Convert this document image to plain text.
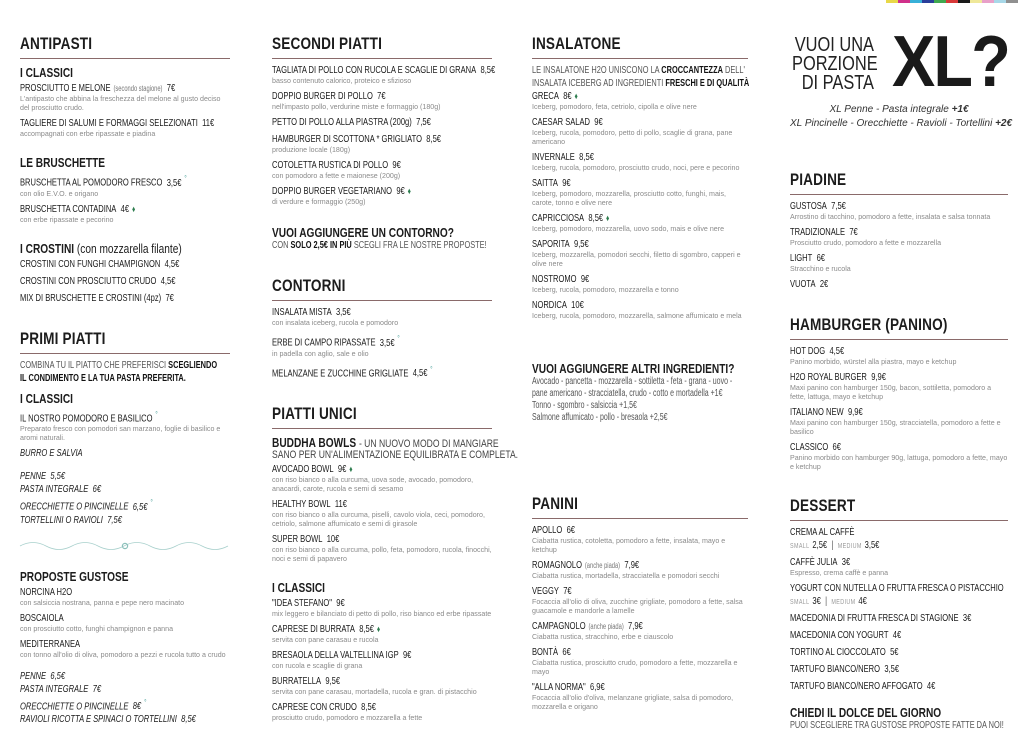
ANTIPASTI
I CLASSICI
PROSCIUTTO E MELONE (secondo stagione) 7€
L'antipasto che abbina la freschezza del melone al gusto deciso del prosciutto crudo.
TAGLIERE DI SALUMI E FORMAGGI SELEZIONATI 11€
accompagnati con erbe ripassate e piadina
LE BRUSCHETTE
BRUSCHETTA AL POMODORO FRESCO 3,5€ °
con olio E.V.O. e origano
BRUSCHETTA CONTADINA 4€ ♦
con erbe ripassate e pecorino
I CROSTINI (con mozzarella filante)
CROSTINI CON FUNGHI CHAMPIGNON 4,5€
CROSTINI CON PROSCIUTTO CRUDO 4,5€
MIX DI BRUSCHETTE E CROSTINI (4pz) 7€
PRIMI PIATTI
COMBINA TU IL PIATTO CHE PREFERISCI SCEGLIENDO
IL CONDIMENTO E LA TUA PASTA PREFERITA.
I CLASSICI
IL NOSTRO POMODORO E BASILICO °
Preparato fresco con pomodori san marzano, foglie di basilico e aromi naturali.
BURRO E SALVIA
PENNE 5,5€
PASTA INTEGRALE 6€
ORECCHIETTE O PINCINELLE 6,5€ °
TORTELLINI O RAVIOLI 7,5€
PROPOSTE GUSTOSE
NORCINA H2O
con salsiccia nostrana, panna e pepe nero macinato
BOSCAIOLA
con prosciutto cotto, funghi champignon e panna
MEDITERRANEA
con tonno all'olio di oliva, pomodoro a pezzi e rucola tutto a crudo
PENNE 6,5€
PASTA INTEGRALE 7€
ORECCHIETTE O PINCINELLE 8€ °
RAVIOLI RICOTTA E SPINACI O TORTELLINI 8,5€
SECONDI PIATTI
TAGLIATA DI POLLO CON RUCOLA E SCAGLIE DI GRANA 8,5€
basso contenuto calorico, proteico e sfizioso
DOPPIO BURGER DI POLLO 7€
nell'impasto pollo, verdurine miste e formaggio (180g)
PETTO DI POLLO ALLA PIASTRA (200g) 7,5€
HAMBURGER DI SCOTTONA * GRIGLIATO 8,5€
produzione locale (180g)
COTOLETTA RUSTICA DI POLLO 9€
con pomodoro a fette e maionese (200g)
DOPPIO BURGER VEGETARIANO 9€ ♦
di verdure e formaggio (250g)
VUOI AGGIUNGERE UN CONTORNO?
CON SOLO 2,5€ IN PIÙ SCEGLI FRA LE NOSTRE PROPOSTE!
CONTORNI
INSALATA MISTA 3,5€
con insalata iceberg, rucola e pomodoro
ERBE DI CAMPO RIPASSATE 3,5€ °
in padella con aglio, sale e olio
MELANZANE E ZUCCHINE GRIGLIATE 4,5€ °
PIATTI UNICI
BUDDHA BOWLS - UN NUOVO MODO DI MANGIARE
SANO PER UN'ALIMENTAZIONE EQUILIBRATA E COMPLETA.
AVOCADO BOWL 9€ ♦
con riso bianco o alla curcuma, uova sode, avocado, pomodoro, anacardi, carote, rucola e semi di sesamo
HEALTHY BOWL 11€
con riso bianco o alla curcuma, piselli, cavolo viola, ceci, pomodoro, cetriolo, salmone affumicato e semi di girasole
SUPER BOWL 10€
con riso bianco o alla curcuma, pollo, feta, pomodoro, rucola, finocchi, noci e semi di papavero
I CLASSICI
"IDEA STEFANO" 9€
mix leggero e bilanciato di petto di pollo, riso bianco ed erbe ripassate
CAPRESE DI BURRATA 8,5€ ♦
servita con pane carasau e rucola
BRESAOLA DELLA VALTELLINA IGP 9€
con rucola e scaglie di grana
BURRATELLA 9,5€
servita con pane carasau, mortadella, rucola e gran. di pistacchio
CAPRESE CON CRUDO 8,5€
prosciutto crudo, pomodoro e mozzarella a fette
INSALATONE
LE INSALATONE H2O UNISCONO LA CROCCANTEZZA DELL'
INSALATA ICEBERG AD INGREDIENTI FRESCHI E DI QUALITÀ
GRECA 8€ ♦
Iceberg, pomodoro, feta, cetriolo, cipolla e olive nere
CAESAR SALAD 9€
Iceberg, rucola, pomodoro, petto di pollo, scaglie di grana, pane americano
INVERNALE 8,5€
Iceberg, rucola, pomodoro, prosciutto crudo, noci, pere e pecorino
SAITTA 9€
Iceberg, pomodoro, mozzarella, prosciutto cotto, funghi, mais, carote, tonno e olive nere
CAPRICCIOSA 8,5€ ♦
Iceberg, pomodoro, mozzarella, uovo sodo, mais e olive nere
SAPORITA 9,5€
Iceberg, mozzarella, pomodori secchi, filetto di sgombro, capperi e olive nere
NOSTROMO 9€
Iceberg, rucola, pomodoro, mozzarella e tonno
NORDICA 10€
Iceberg, rucola, pomodoro, mozzarella, salmone affumicato e mela
VUOI AGGIUNGERE ALTRI INGREDIENTI?
Avocado - pancetta - mozzarella - sottiletta - feta - grana - uovo -
pane americano - stracciatella, crudo - cotto e mortadella +1€
Tonno - sgombro - salsiccia +1,5€
Salmone affumicato - pollo - bresaola +2,5€
PANINI
APOLLO 6€
Ciabatta rustica, cotoletta, pomodoro a fette, insalata, mayo e ketchup
ROMAGNOLO (anche piada) 7,9€
Ciabatta rustica, mortadella, stracciatella e pomodori secchi
VEGGY 7€
Focaccia all'olio di oliva, zucchine grigliate, pomodoro a fette, salsa guacamole e mandorle a lamelle
CAMPAGNOLO (anche piada) 7,9€
Ciabatta rustica, stracchino, erbe e ciauscolo
BONTÀ 6€
Ciabatta rustica, prosciutto crudo, pomodoro a fette, mozzarella e mayo
"ALLA NORMA" 6,9€
Focaccia all'olio d'oliva, melanzane grigliate, salsa di pomodoro, mozzarella e origano
VUOI UNA
PORZIONE
DI PASTA XL?
XL Penne - Pasta integrale +1€
XL Pincinelle - Orecchiette - Ravioli - Tortellini +2€
PIADINE
GUSTOSA 7,5€
Arrostino di tacchino, pomodoro a fette, insalata e salsa tonnata
TRADIZIONALE 7€
Prosciutto crudo, pomodoro a fette e mozzarella
LIGHT 6€
Stracchino e rucola
VUOTA 2€
HAMBURGER (PANINO)
HOT DOG 4,5€
Panino morbido, würstel alla piastra, mayo e ketchup
H2O ROYAL BURGER 9,9€
Maxi panino con hamburger 150g, bacon, sottiletta, pomodoro a fette, lattuga, mayo e ketchup
ITALIANO NEW 9,9€
Maxi panino con hamburger 150g, stracciatella, pomodoro a fette e basilico
CLASSICO 6€
Panino morbido con hamburger 90g, lattuga, pomodoro a fette, mayo e ketchup
DESSERT
CREMA AL CAFFÈ
SMALL 2,5€ | MEDIUM 3,5€
CAFFÈ JULIA 3€
Espresso, crema caffè e panna
YOGURT CON NUTELLA O FRUTTA FRESCA O PISTACCHIO
SMALL 3€ | MEDIUM 4€
MACEDONIA DI FRUTTA FRESCA DI STAGIONE 3€
MACEDONIA CON YOGURT 4€
TORTINO AL CIOCCOLATO 5€
TARTUFO BIANCO/NERO 3,5€
TARTUFO BIANCO/NERO AFFOGATO 4€
CHIEDI IL DOLCE DEL GIORNO
PUOI SCEGLIERE TRA GUSTOSE PROPOSTE FATTE DA NOI!
